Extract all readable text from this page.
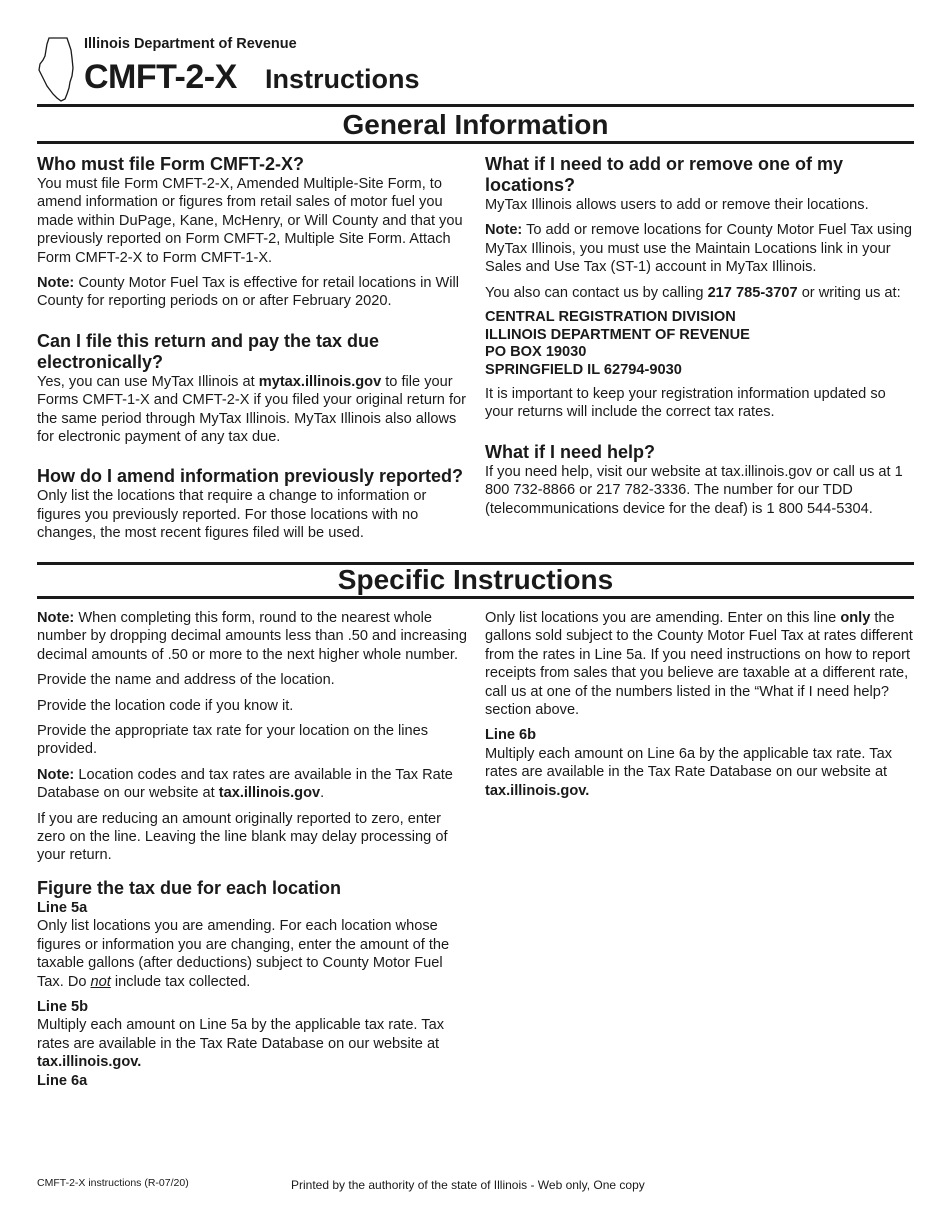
Illinois Department of Revenue
CMFT-2-X Instructions
General Information
Who must file Form CMFT-2-X?

You must file Form CMFT-2-X, Amended Multiple-Site Form, to amend information or figures from retail sales of motor fuel you made within DuPage, Kane, McHenry, or Will County and that you previously reported on Form CMFT-2, Multiple Site Form. Attach Form CMFT-2-X to Form CMFT-1-X.

Note: County Motor Fuel Tax is effective for retail locations in Will County for reporting periods on or after February 2020.

Can I file this return and pay the tax due electronically?

Yes, you can use MyTax Illinois at mytax.illinois.gov to file your Forms CMFT-1-X and CMFT-2-X if you filed your original return for the same period through MyTax Illinois. MyTax Illinois also allows for electronic payment of any tax due.

How do I amend information previously reported?

Only list the locations that require a change to information or figures you previously reported. For those locations with no changes, the most recent figures filed will be used.

What if I need to add or remove one of my locations?

MyTax Illinois allows users to add or remove their locations.

Note: To add or remove locations for County Motor Fuel Tax using MyTax Illinois, you must use the Maintain Locations link in your Sales and Use Tax (ST-1) account in MyTax Illinois.

You also can contact us by calling 217 785-3707 or writing us at:

CENTRAL REGISTRATION DIVISION
ILLINOIS DEPARTMENT OF REVENUE
PO BOX 19030
SPRINGFIELD IL 62794-9030

It is important to keep your registration information updated so your returns will include the correct tax rates.

What if I need help?

If you need help, visit our website at tax.illinois.gov or call us at 1 800 732-8866 or 217 782-3336. The number for our TDD (telecommunications device for the deaf) is 1 800 544-5304.

Specific Instructions

Note: When completing this form, round to the nearest whole number by dropping decimal amounts less than .50 and increasing decimal amounts of .50 or more to the next higher whole number.

Provide the name and address of the location.

Provide the location code if you know it.

Provide the appropriate tax rate for your location on the lines provided.

Note: Location codes and tax rates are available in the Tax Rate Database on our website at tax.illinois.gov.

If you are reducing an amount originally reported to zero, enter zero on the line. Leaving the line blank may delay processing of your return.

Figure the tax due for each location
Line 5a

Only list locations you are amending. For each location whose figures or information you are changing, enter the amount of the taxable gallons (after deductions) subject to County Motor Fuel Tax. Do not include tax collected.

Line 5b

Multiply each amount on Line 5a by the applicable tax rate. Tax rates are available in the Tax Rate Database on our website at tax.illinois.gov.

Line 6a

Only list locations you are amending. Enter on this line only the gallons sold subject to the County Motor Fuel Tax at rates different from the rates in Line 5a. If you need instructions on how to report receipts from sales that you believe are taxable at a different rate, call us at one of the numbers listed in the “What if I need help? section above.

Line 6b

Multiply each amount on Line 6a by the applicable tax rate. Tax rates are available in the Tax Rate Database on our website at tax.illinois.gov.

CMFT-2-X instructions (R-07/20)	Printed by the authority of the state of Illinois - Web only, One copy
